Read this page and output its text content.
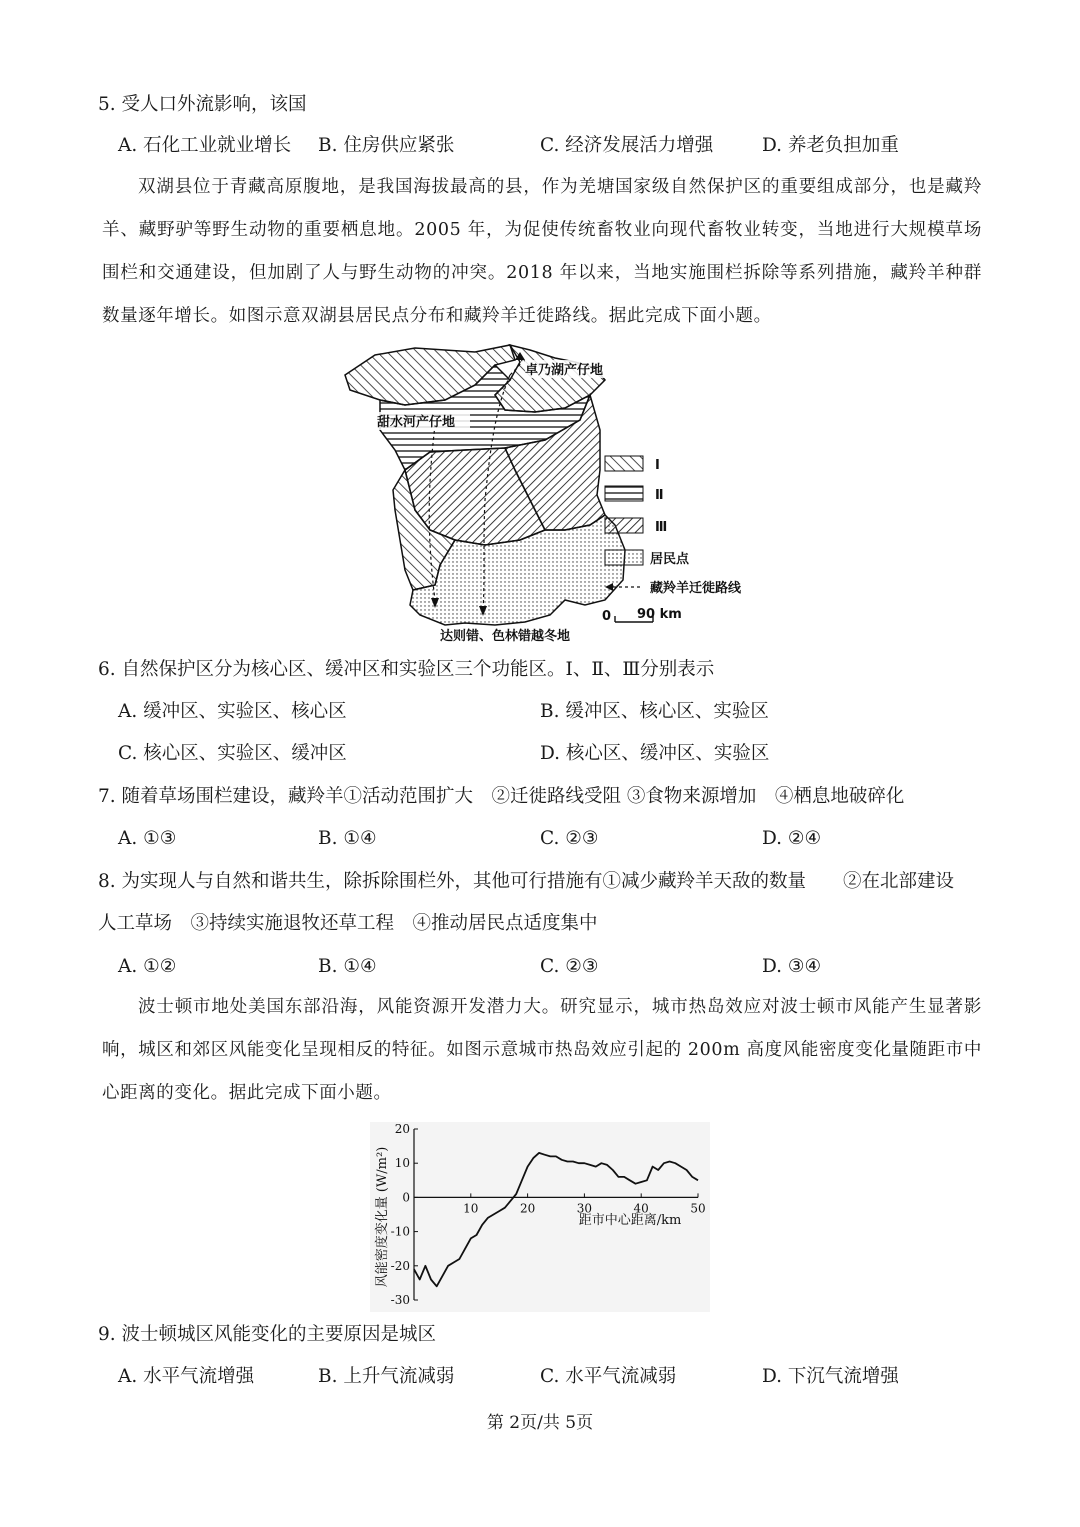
5. 受人口外流影响，该国
A. 石化工业就业增长 B. 住房供应紧张	C. 经济发展活力增强	D. 养老负担加重
双湖县位于青藏高原腹地，是我国海拔最高的县，作为羌塘国家级自然保护区的重要组成部分，也是藏羚羊、藏野驴等野生动物的重要栖息地。2005 年，为促使传统畜牧业向现代畜牧业转变，当地进行大规模草场围栏和交通建设，但加剧了人与野生动物的冲突。2018 年以来，当地实施围栏拆除等系列措施，藏羚羊种群数量逐年增长。如图示意双湖县居民点分布和藏羚羊迁徙路线。据此完成下面小题。
卓乃湖产仔地
甜水河产仔地
达则错、色林错越冬地
Ⅰ
Ⅱ
Ⅲ
居民点
藏羚羊迁徙路线
0 90 km
6. 自然保护区分为核心区、缓冲区和实验区三个功能区。Ⅰ、Ⅱ、Ⅲ分别表示
A. 缓冲区、实验区、核心区	B. 缓冲区、核心区、实验区
C. 核心区、实验区、缓冲区	D. 核心区、缓冲区、实验区
7. 随着草场围栏建设，藏羚羊①活动范围扩大　②迁徙路线受阻 ③食物来源增加　④栖息地破碎化
A. ①③	B. ①④	C. ②③	D. ②④
8. 为实现人与自然和谐共生，除拆除围栏外，其他可行措施有①减少藏羚羊天敌的数量　　②在北部建设
人工草场　③持续实施退牧还草工程　④推动居民点适度集中
A. ①②	B. ①④	C. ②③	D. ③④
波士顿市地处美国东部沿海，风能资源开发潜力大。研究显示，城市热岛效应对波士顿市风能产生显著影响，城区和郊区风能变化呈现相反的特征。如图示意城市热岛效应引起的 200m 高度风能密度变化量随距市中心距离的变化。据此完成下面小题。
20
10
0
-10
-20
-30
10	20	30	40	50
风能密度变化量 (W/m²)	距市中心距离/km
9. 波士顿城区风能变化的主要原因是城区
A. 水平气流增强	B. 上升气流减弱	C. 水平气流减弱	D. 下沉气流增强
第 2页/共 5页
